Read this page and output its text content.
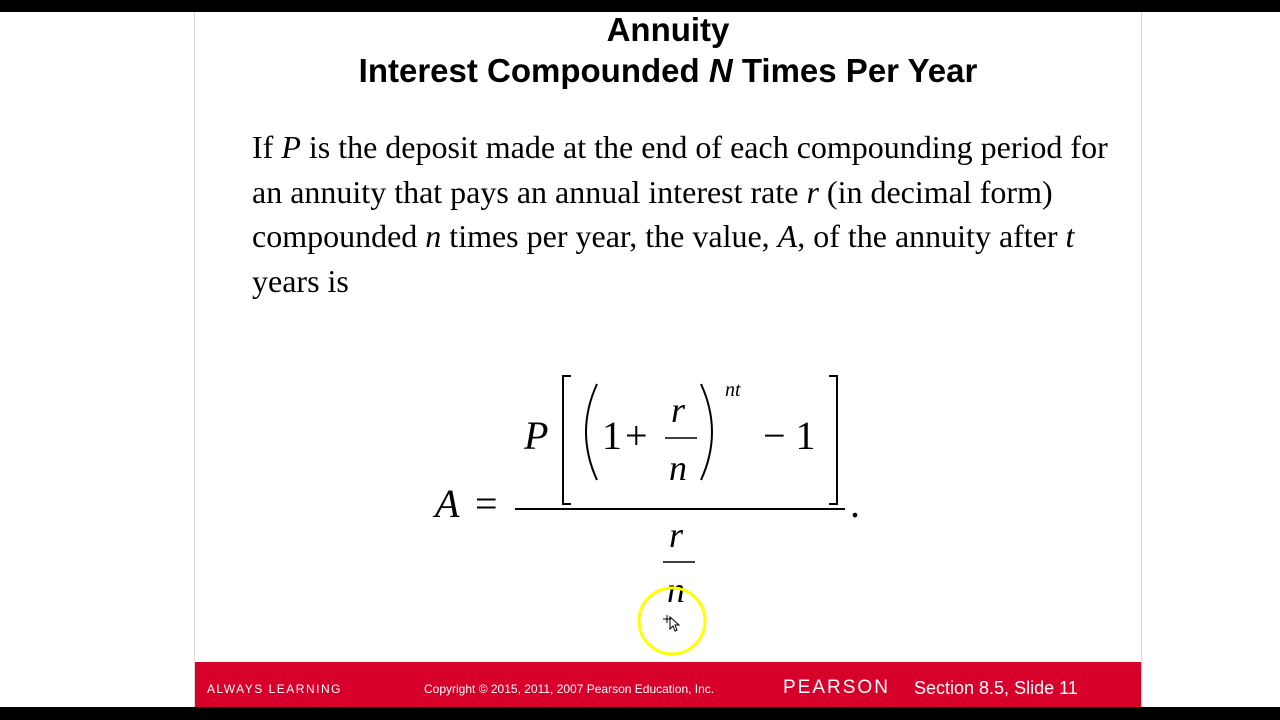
Annuity
Interest Compounded N Times Per Year
If P is the deposit made at the end of each compounding period for an annuity that pays an annual interest rate r (in decimal form) compounded n times per year, the value, A, of the annuity after t years is
A =
P 1 +
r
n
nt
− 1
.
r
n
ALWAYS LEARNING	Copyright © 2015, 2011, 2007 Pearson Education, Inc.	PEARSON Section 8.5, Slide 11
